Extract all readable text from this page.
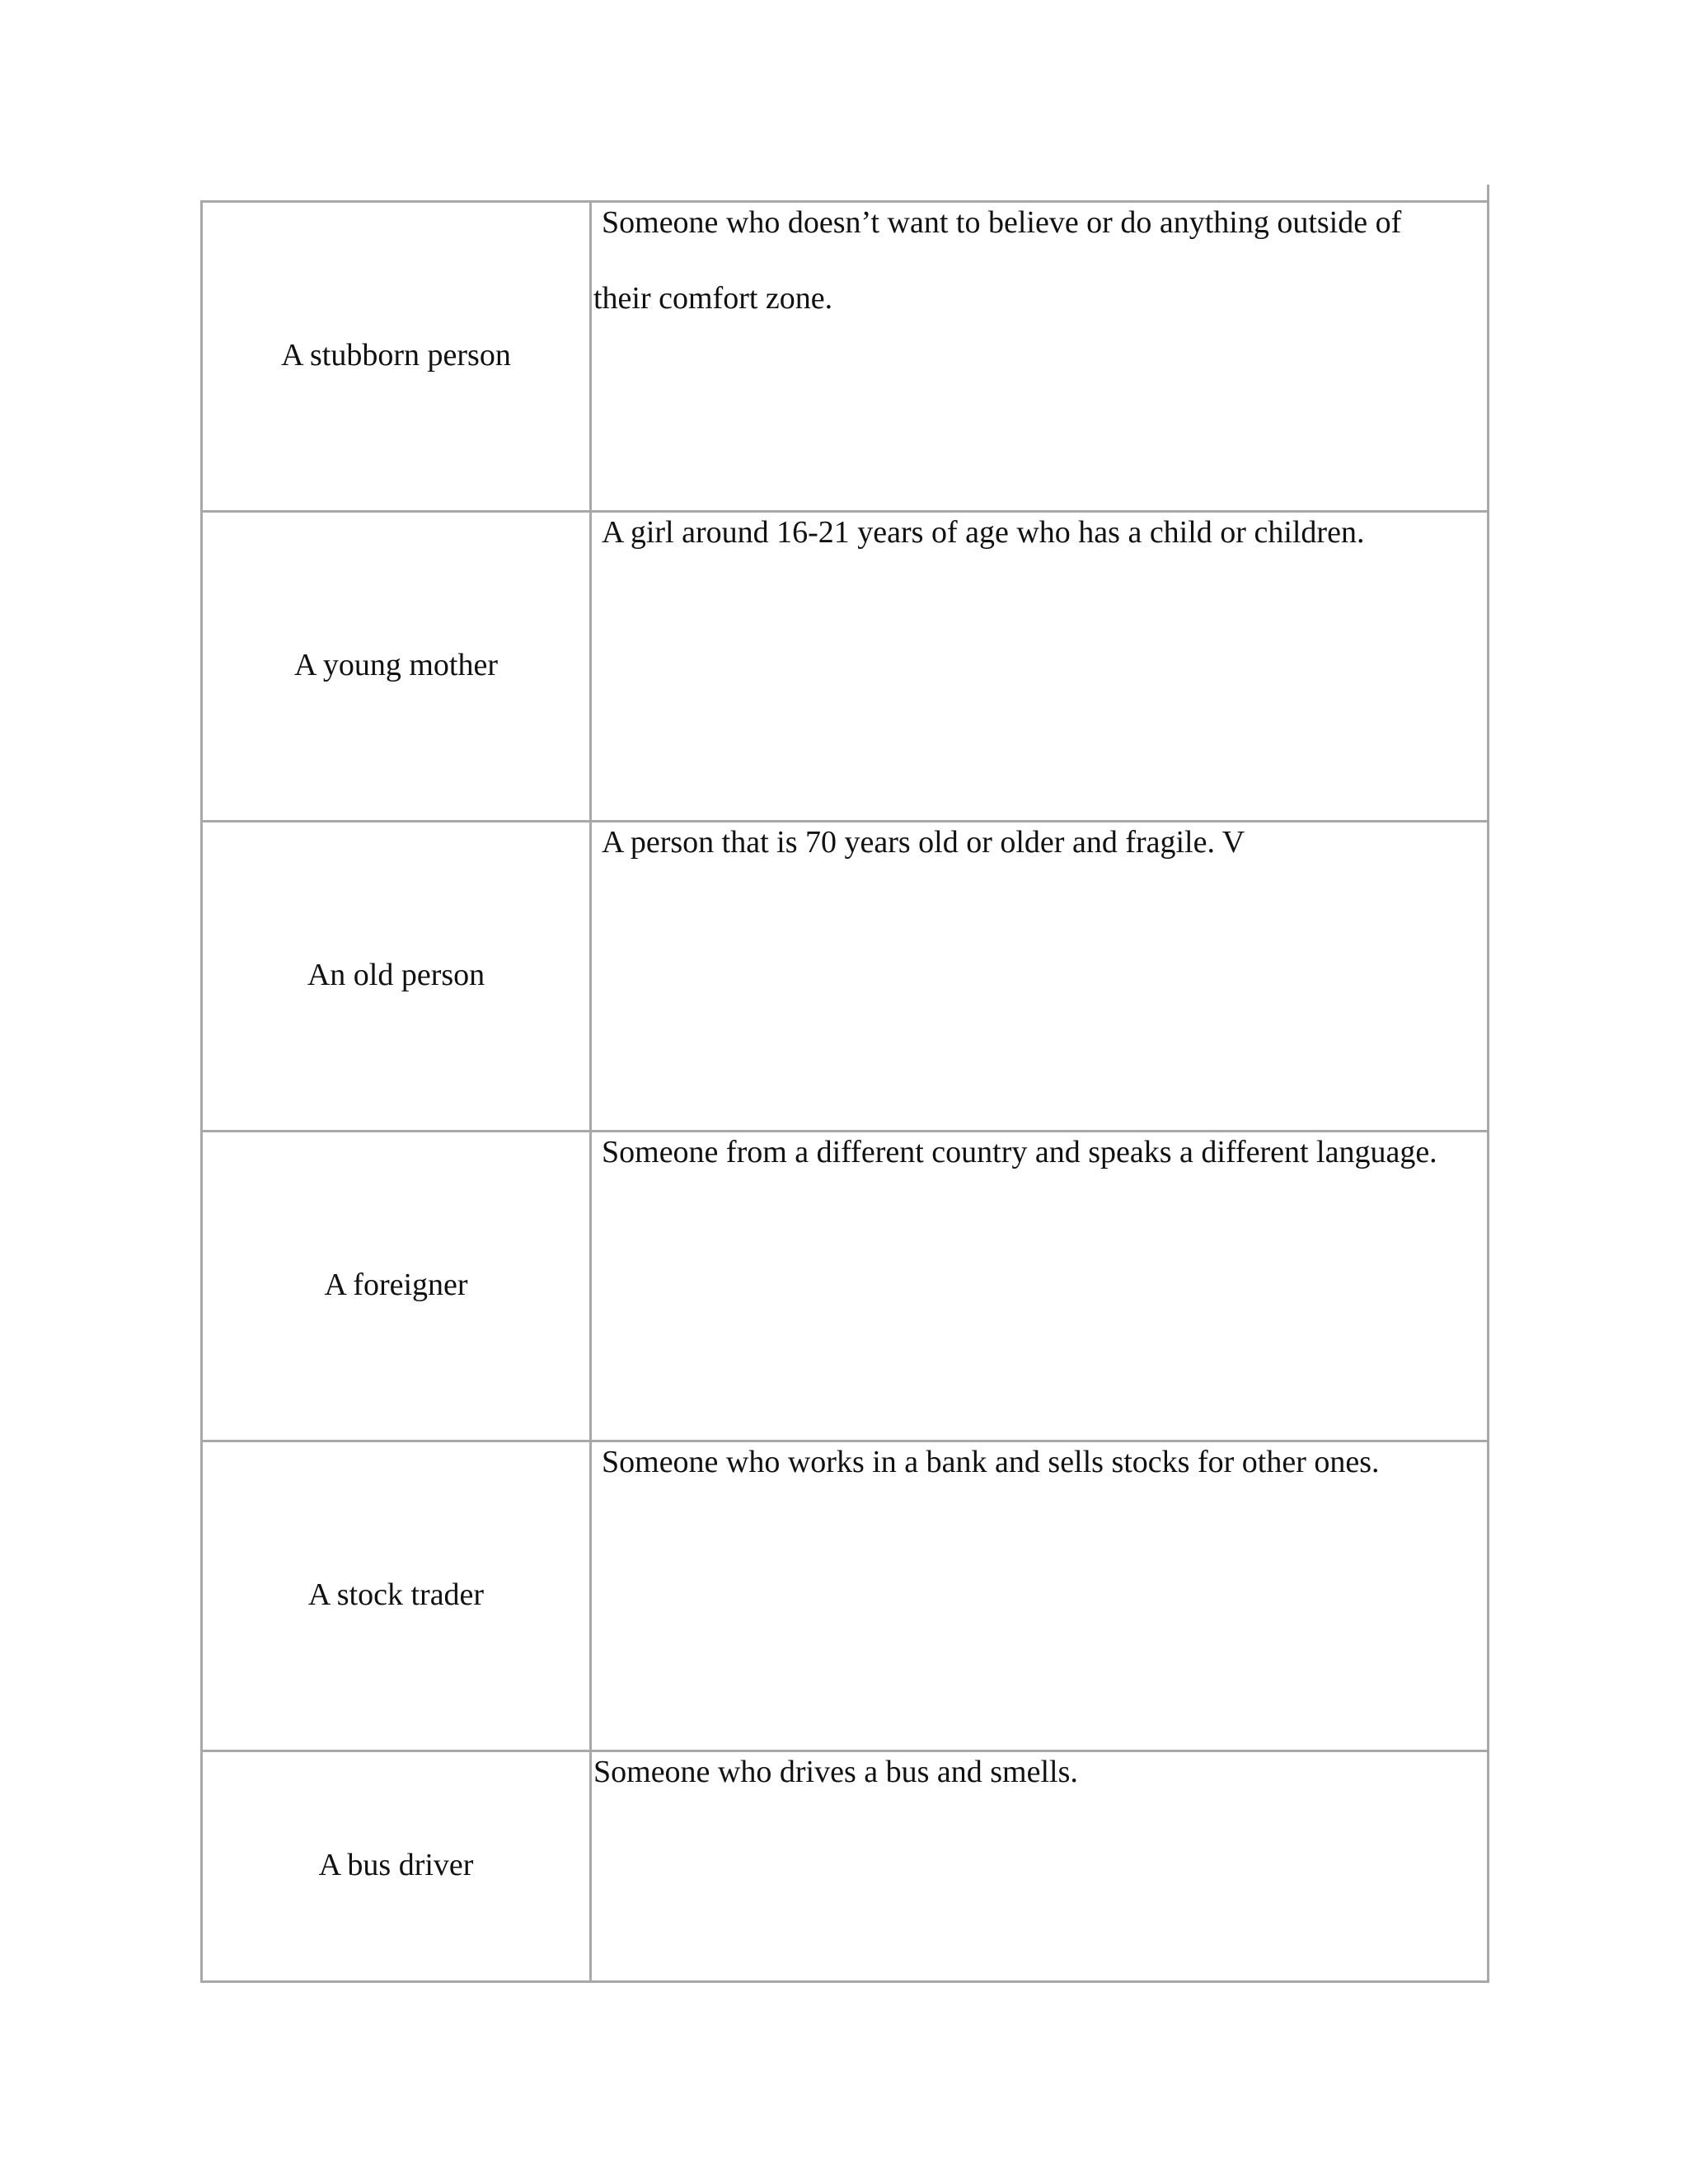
A stubborn person
Someone who doesn’t want to believe or do anything outside of
their comfort zone.
A young mother
A girl around 16-21 years of age who has a child or children.
An old person
A person that is 70 years old or older and fragile. V
A foreigner
Someone from a different country and speaks a different language.
A stock trader
Someone who works in a bank and sells stocks for other ones.
A bus driver
Someone who drives a bus and smells.
